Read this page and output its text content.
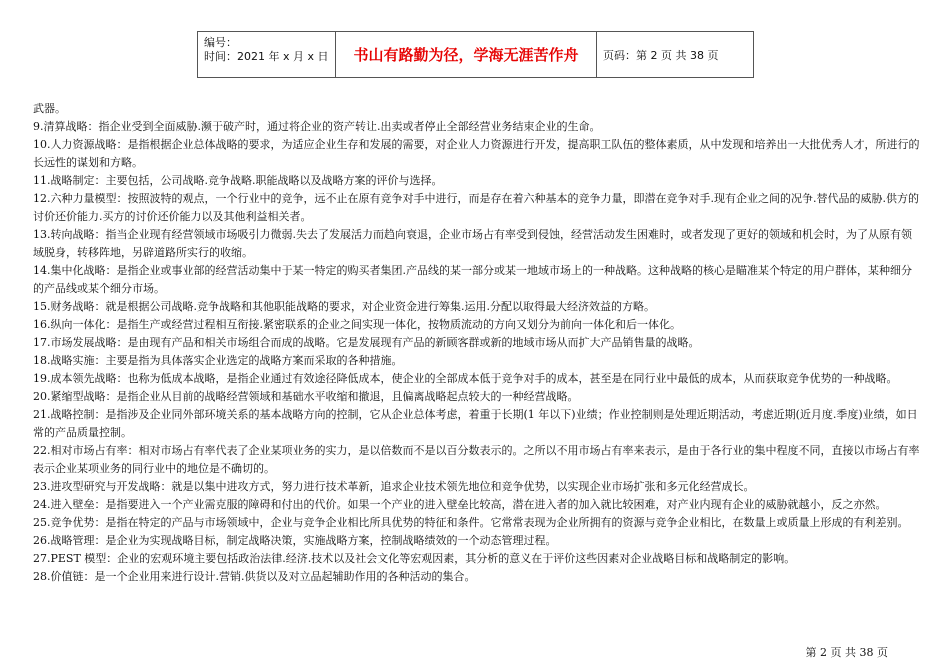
编号：
时间：2021 年 x 月 x 日	书山有路勤为径，学海无涯苦作舟	页码：第 2 页 共 38 页

武器。

9.清算战略：指企业受到全面威胁.濒于破产时，通过将企业的资产转让.出卖或者停止全部经营业务结束企业的生命。

10.人力资源战略：是指根据企业总体战略的要求，为适应企业生存和发展的需要，对企业人力资源进行开发，提高职工队伍的整体素质，从中发现和培养出一大批优秀人才，所进行的长远性的谋划和方略。

11.战略制定：主要包括，公司战略.竞争战略.职能战略以及战略方案的评价与选择。

12.六种力量模型：按照波特的观点，一个行业中的竞争，远不止在原有竞争对手中进行，而是存在着六种基本的竞争力量，即潜在竞争对手.现有企业之间的况争.替代品的威胁.供方的讨价还价能力.买方的讨价还价能力以及其他利益相关者。

13.转向战略：指当企业现有经营领域市场吸引力微弱.失去了发展活力而趋向衰退，企业市场占有率受到侵蚀，经营活动发生困难时，或者发现了更好的领域和机会时，为了从原有领域脱身，转移阵地，另辟道路所实行的收缩。

14.集中化战略：是指企业或事业部的经营活动集中于某一特定的购买者集团.产品线的某一部分或某一地域市场上的一种战略。这种战略的核心是瞄准某个特定的用户群体，某种细分的产品线或某个细分市场。

15.财务战略：就是根据公司战略.竞争战略和其他职能战略的要求，对企业资金进行筹集.运用.分配以取得最大经济效益的方略。

16.纵向一体化：是指生产或经营过程相互衔接.紧密联系的企业之间实现一体化，按物质流动的方向又划分为前向一体化和后一体化。

17.市场发展战略：是由现有产品和相关市场组合而成的战略。它是发展现有产品的新顾客群或新的地域市场从而扩大产品销售量的战略。

18.战略实施：主要是指为具体落实企业选定的战略方案而采取的各种措施。

19.成本领先战略：也称为低成本战略，是指企业通过有效途径降低成本，使企业的全部成本低于竞争对手的成本，甚至是在同行业中最低的成本，从而获取竞争优势的一种战略。

20.紧缩型战略：是指企业从目前的战略经营领域和基础水平收缩和撤退，且偏离战略起点较大的一种经营战略。

21.战略控制：是指涉及企业同外部环境关系的基本战略方向的控制，它从企业总体考虑，着重于长期(1 年以下)业绩；作业控制则是处理近期活动，考虑近期(近月度.季度)业绩，如日常的产品质量控制。

22.相对市场占有率：相对市场占有率代表了企业某项业务的实力，是以倍数而不是以百分数表示的。之所以不用市场占有率来表示，是由于各行业的集中程度不同，直接以市场占有率表示企业某项业务的同行业中的地位是不确切的。

23.进攻型研究与开发战略：就是以集中进攻方式，努力进行技术革新，追求企业技术领先地位和竞争优势，以实现企业市场扩张和多元化经营成长。

24.进入壁垒：是指要进入一个产业需克服的障碍和付出的代价。如果一个产业的进入壁垒比较高，潜在进入者的加入就比较困难，对产业内现有企业的威胁就越小，反之亦然。

25.竞争优势：是指在特定的产品与市场领域中，企业与竞争企业相比所具优势的特征和条件。它常常表现为企业所拥有的资源与竞争企业相比，在数量上或质量上形成的有利差别。

26.战略管理：是企业为实现战略目标，制定战略决策，实施战略方案，控制战略绩效的一个动态管理过程。

27.PEST 模型：企业的宏观环境主要包括政治法律.经济.技术以及社会文化等宏观因素，其分析的意义在于评价这些因素对企业战略目标和战略制定的影响。

28.价值链：是一个企业用来进行设计.营销.供货以及对立品起辅助作用的各种活动的集合。

第 2 页 共 38 页
